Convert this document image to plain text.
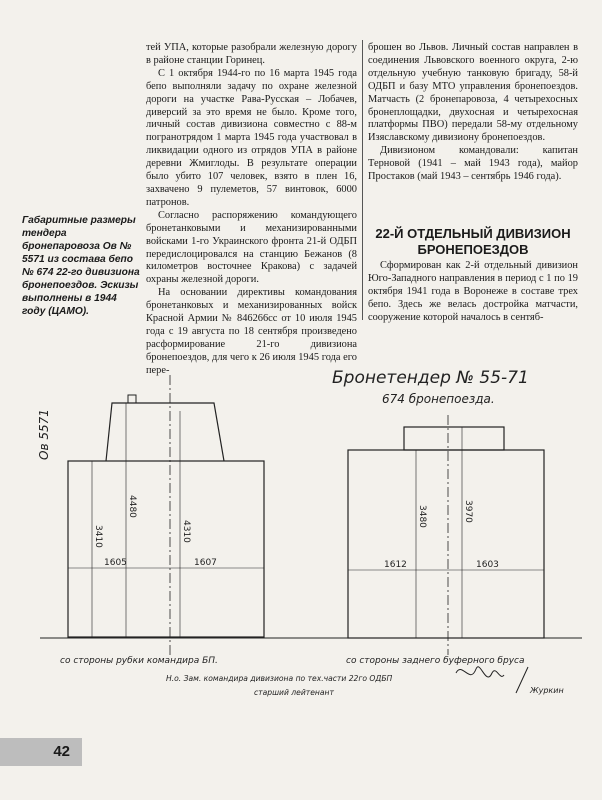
Габаритные размеры тендера бронепаровоза Ов № 5571 из состава бепо № 674 22-го дивизиона бронепоездов. Эскизы выполнены в 1944 году (ЦАМО).

тей УПА, которые разобрали железную дорогу в районе станции Горинец.

С 1 октября 1944-го по 16 марта 1945 года бепо выполняли задачу по охране железной дороги на участке Рава-Русская – Лобачев, диверсий за это время не было. Кроме того, личный состав дивизиона совместно с 88-м погранотрядом 1 марта 1945 года участвовал в ликвидации одного из отрядов УПА в районе деревни Жмиглоды. В результате операции было убито 107 человек, взято в плен 16, захвачено 9 пулеметов, 57 винтовок, 6000 патронов.

Согласно распоряжению командующего бронетанковыми и механизированными войсками 1-го Украинского фронта 21-й ОДБП передислоцировался на станцию Бежанов (8 километров восточнее Кракова) с задачей охраны железной дороги.

На основании директивы командования бронетанковых и механизированных войск Красной Армии № 846266сс от 10 июля 1945 года с 19 августа по 18 сентября произведено расформирование 21-го дивизиона бронепоездов, для чего к 26 июля 1945 года его пере-

брошен во Львов. Личный состав направлен в соединения Львовского военного округа, 2-ю отдельную учебную танковую бригаду, 58-й ОДБП и базу МТО управления бронепоездов. Матчасть (2 бронепаровоза, 4 четырехосных бронеплощадки, двухосная и четырехосная платформы ПВО) передали 58-му отдельному Изяславскому дивизиону бронепоездов.

Дивизионом командовали: капитан Терновой (1941 – май 1943 года), майор Простаков (май 1943 – сентябрь 1946 года).

22-Й ОТДЕЛЬНЫЙ ДИВИЗИОН БРОНЕПОЕЗДОВ

Сформирован как 2-й отдельный дивизион Юго-Западного направления в период с 1 по 19 октября 1941 года в Воронеже в составе трех бепо. Здесь же велась достройка матчасти, сооружение которой началось в сентяб-

3410
4480
4310
1605	1607
Ов 5571
3480	3970
1612	1603
Бронетендер № 55-71
674 бронепоезда.
со стороны рубки командира БП.	со стороны заднего буферного бруса
Н.о. Зам. командира дивизиона по тех.части 22го ОДБП
старший лейтенант	Журкин
42
